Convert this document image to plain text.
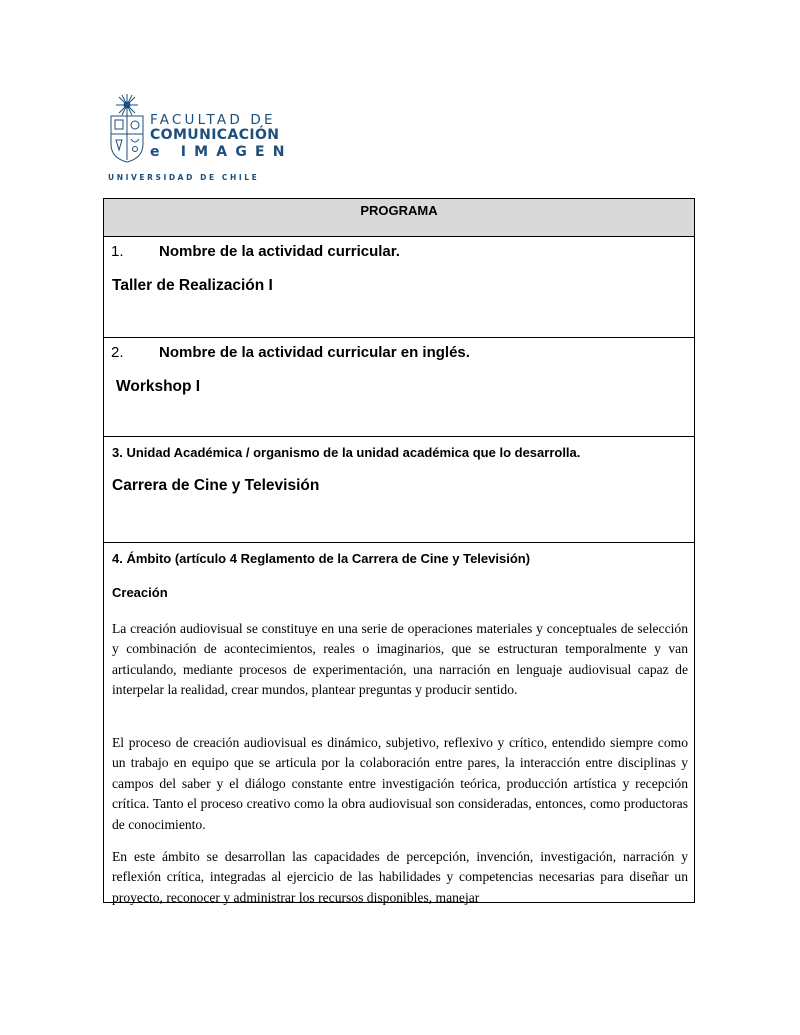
FACULTAD DE
COMUNICACIÓN
e IMAGEN
UNIVERSIDAD DE CHILE
PROGRAMA
1. Nombre de la actividad curricular.
Taller de Realización I
2. Nombre de la actividad curricular en inglés.
Workshop I
3. Unidad Académica / organismo de la unidad académica que lo desarrolla.
Carrera de Cine y Televisión
4. Ámbito (artículo 4 Reglamento de la Carrera de Cine y Televisión)
Creación

La creación audiovisual se constituye en una serie de operaciones materiales y conceptuales de selección y combinación de acontecimientos, reales o imaginarios, que se estructuran temporalmente y van articulando, mediante procesos de experimentación, una narración en lenguaje audiovisual capaz de interpelar la realidad, crear mundos, plantear preguntas y producir sentido.

El proceso de creación audiovisual es dinámico, subjetivo, reflexivo y crítico, entendido siempre como un trabajo en equipo que se articula por la colaboración entre pares, la interacción entre disciplinas y campos del saber y el diálogo constante entre investigación teórica, producción artística y recepción crítica. Tanto el proceso creativo como la obra audiovisual son consideradas, entonces, como productoras de conocimiento.

En este ámbito se desarrollan las capacidades de percepción, invención, investigación, narración y reflexión crítica, integradas al ejercicio de las habilidades y competencias necesarias para diseñar un proyecto, reconocer y administrar los recursos disponibles, manejar
